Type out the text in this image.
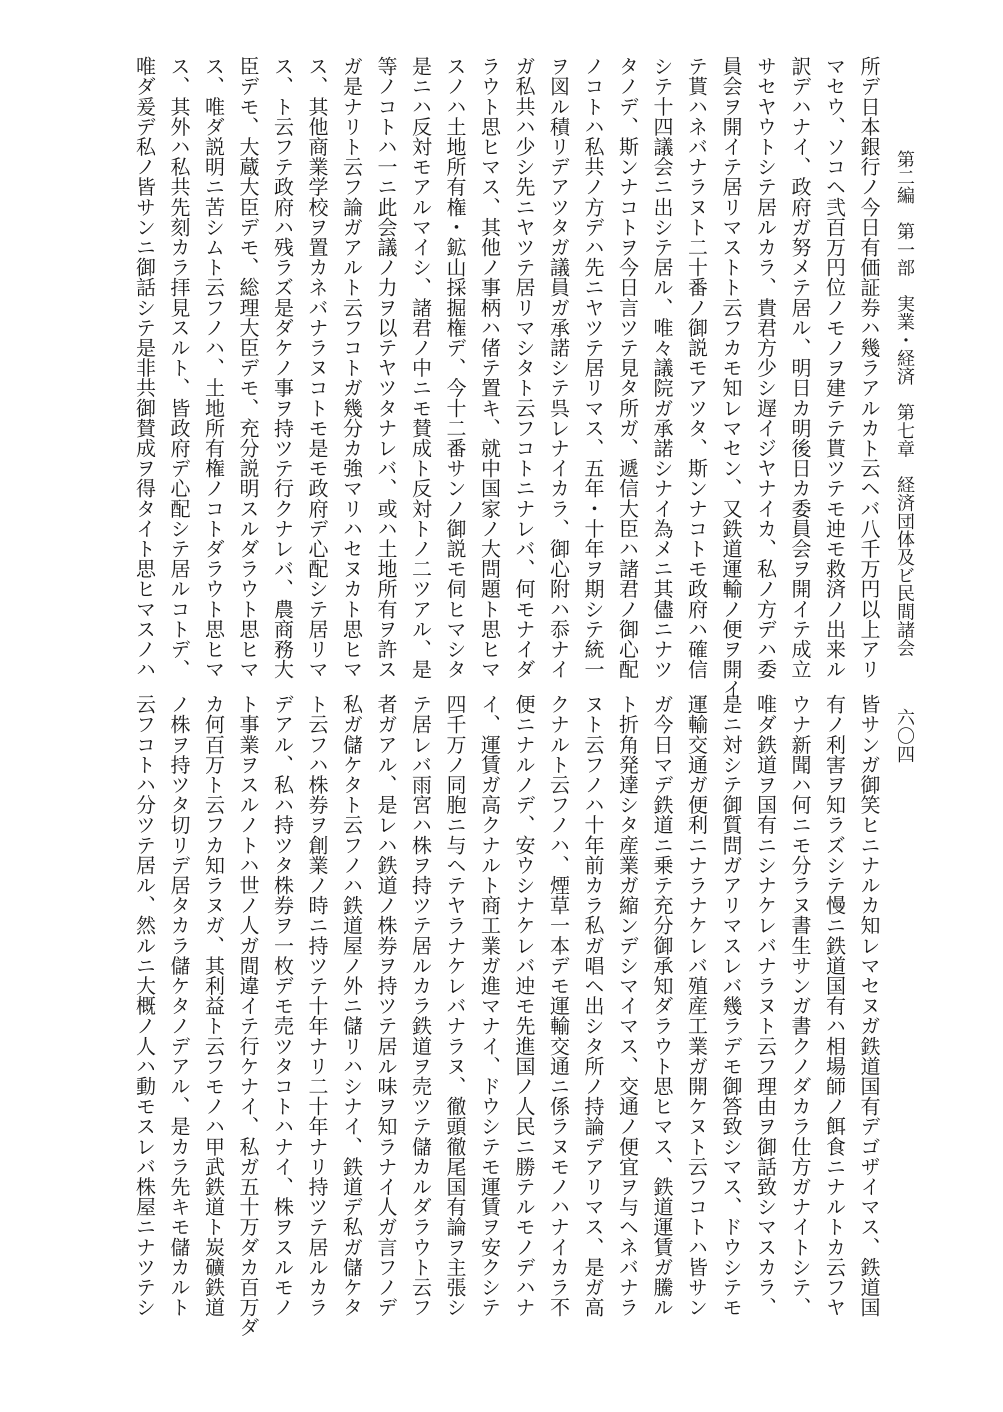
第二編　第一部　実業・経済　第七章　経済団体及ビ民間諸会
六〇四
所デ日本銀行ノ今日有価証券ハ幾ラアルカト云ヘバ八千万円以上アリ
マセウ、ソコヘ弐百万円位ノモノヲ建テテ貰ツテモ迚モ救済ノ出来ル
訳デハナイ、政府ガ努メテ居ル、明日カ明後日カ委員会ヲ開イテ成立
サセヤウトシテ居ルカラ、貴君方少シ遅イジヤナイカ、私ノ方デハ委
員会ヲ開イテ居リマストト云フカモ知レマセン、又鉄道運輸ノ便ヲ開イ
テ貰ハネバナラヌト二十番ノ御説モアツタ、斯ンナコトモ政府ハ確信
シテ十四議会ニ出シテ居ル、唯々議院ガ承諾シナイ為メニ其儘ニナツ
タノデ、斯ンナコトヲ今日言ツテ見タ所ガ、遞信大臣ハ諸君ノ御心配
ノコトハ私共ノ方デハ先ニヤツテ居リマス、五年・十年ヲ期シテ統一
ヲ図ル積リデアツタガ議員ガ承諾シテ呉レナイカラ、御心附ハ忝ナイ
ガ私共ハ少シ先ニヤツテ居リマシタト云フコトニナレバ、何モナイダ
ラウト思ヒマス、其他ノ事柄ハ偖テ置キ、就中国家ノ大問題ト思ヒマ
スノハ土地所有権・鉱山採掘権デ、今十二番サンノ御説モ伺ヒマシタ
是ニハ反対モアルマイシ、諸君ノ中ニモ賛成ト反対トノ二ツアル、是
等ノコトハ一ニ此会議ノ力ヲ以テヤツタナレバ、或ハ土地所有ヲ許ス
ガ是ナリト云フ論ガアルト云フコトガ幾分カ強マリハセヌカト思ヒマ
ス、其他商業学校ヲ置カネバナラヌコトモ是モ政府デ心配シテ居リマ
ス、ト云フテ政府ハ残ラズ是ダケノ事ヲ持ツテ行クナレバ、農商務大
臣デモ、大蔵大臣デモ、総理大臣デモ、充分説明スルダラウト思ヒマ
ス、唯ダ説明ニ苦シムト云フノハ、土地所有権ノコトダラウト思ヒマ
ス、其外ハ私共先刻カラ拝見スルト、皆政府デ心配シテ居ルコトデ、
唯ダ爰デ私ノ皆サンニ御話シテ是非共御賛成ヲ得タイト思ヒマスノハ
皆サンガ御笑ヒニナルカ知レマセヌガ鉄道国有デゴザイマス、鉄道国
有ノ利害ヲ知ラズシテ慢ニ鉄道国有ハ相場師ノ餌食ニナルトカ云フヤ
ウナ新聞ハ何ニモ分ラヌ書生サンガ書クノダカラ仕方ガナイトシテ、
唯ダ鉄道ヲ国有ニシナケレバナラヌト云フ理由ヲ御話致シマスカラ、
是ニ対シテ御質問ガアリマスレバ幾ラデモ御答致シマス、ドウシテモ
運輸交通ガ便利ニナラナケレバ殖産工業ガ開ケヌト云フコトハ皆サン
ガ今日マデ鉄道ニ乗テ充分御承知ダラウト思ヒマス、鉄道運賃ガ騰ル
ト折角発達シタ産業ガ縮ンデシマイマス、交通ノ便宜ヲ与ヘネバナラ
ヌト云フノハ十年前カラ私ガ唱ヘ出シタ所ノ持論デアリマス、是ガ高
クナルト云フノハ、煙草一本デモ運輸交通ニ係ラヌモノハナイカラ不
便ニナルノデ、安ウシナケレバ迚モ先進国ノ人民ニ勝テルモノデハナ
イ、運賃ガ高クナルト商工業ガ進マナイ、ドウシテモ運賃ヲ安クシテ
四千万ノ同胞ニ与ヘテヤラナケレバナラヌ、徹頭徹尾国有論ヲ主張シ
テ居レバ雨宮ハ株ヲ持ツテ居ルカラ鉄道ヲ売ツテ儲カルダラウト云フ
者ガアル、是レハ鉄道ノ株券ヲ持ツテ居ル味ヲ知ラナイ人ガ言フノデ
私ガ儲ケタト云フノハ鉄道屋ノ外ニ儲リハシナイ、鉄道デ私ガ儲ケタ
ト云フハ株券ヲ創業ノ時ニ持ツテ十年ナリ二十年ナリ持ツテ居ルカラ
デアル、私ハ持ツタ株券ヲ一枚デモ売ツタコトハナイ、株ヲスルモノ
ト事業ヲスルノトハ世ノ人ガ間違イテ行ケナイ、私ガ五十万ダカ百万ダ
カ何百万ト云フカ知ラヌガ、其利益ト云フモノハ甲武鉄道ト炭礦鉄道
ノ株ヲ持ツタ切リデ居タカラ儲ケタノデアル、是カラ先キモ儲カルト
云フコトハ分ツテ居ル、然ルニ大概ノ人ハ動モスレバ株屋ニナツテシ
